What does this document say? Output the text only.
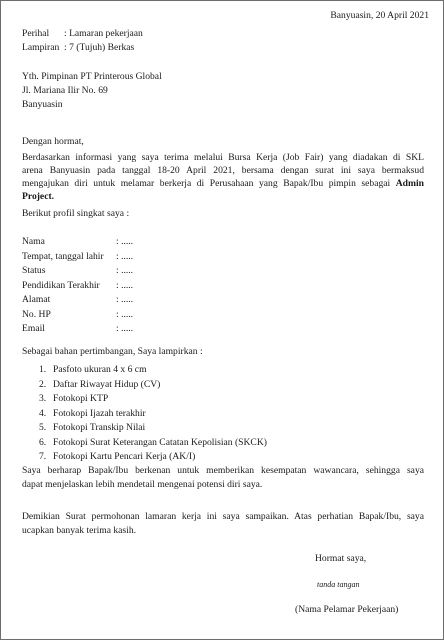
Banyuasin, 20 April 2021
Perihal	: Lamaran pekerjaan
Lampiran : 7 (Tujuh) Berkas
Yth. Pimpinan PT Printerous Global
Jl. Mariana Ilir No. 69
Banyuasin
Dengan hormat,
Berdasarkan informasi yang saya terima melalui Bursa Kerja (Job Fair) yang diadakan di SKL
arena Banyuasin pada tanggal 18-20 April 2021, bersama dengan surat ini saya bermaksud
mengajukan diri untuk melamar berkerja di Perusahaan yang Bapak/Ibu pimpin sebagai Admin
Project.
Berikut profil singkat saya :
Nama	: .....
Tempat, tanggal lahir	: .....
Status	: .....
Pendidikan Terakhir	: .....
Alamat	: .....
No. HP	: .....
Email	: .....
Sebagai bahan pertimbangan, Saya lampirkan :
1. Pasfoto ukuran 4 x 6 cm
2. Daftar Riwayat Hidup (CV)
3. Fotokopi KTP
4. Fotokopi Ijazah terakhir
5. Fotokopi Transkip Nilai
6. Fotokopi Surat Keterangan Catatan Kepolisian (SKCK)
7. Fotokopi Kartu Pencari Kerja (AK/I)
Saya berharap Bapak/Ibu berkenan untuk memberikan kesempatan wawancara, sehingga saya
dapat menjelaskan lebih mendetail mengenai potensi diri saya.
Demikian Surat permohonan lamaran kerja ini saya sampaikan. Atas perhatian Bapak/Ibu, saya
ucapkan banyak terima kasih.
Hormat saya,
tanda tangan
(Nama Pelamar Pekerjaan)
